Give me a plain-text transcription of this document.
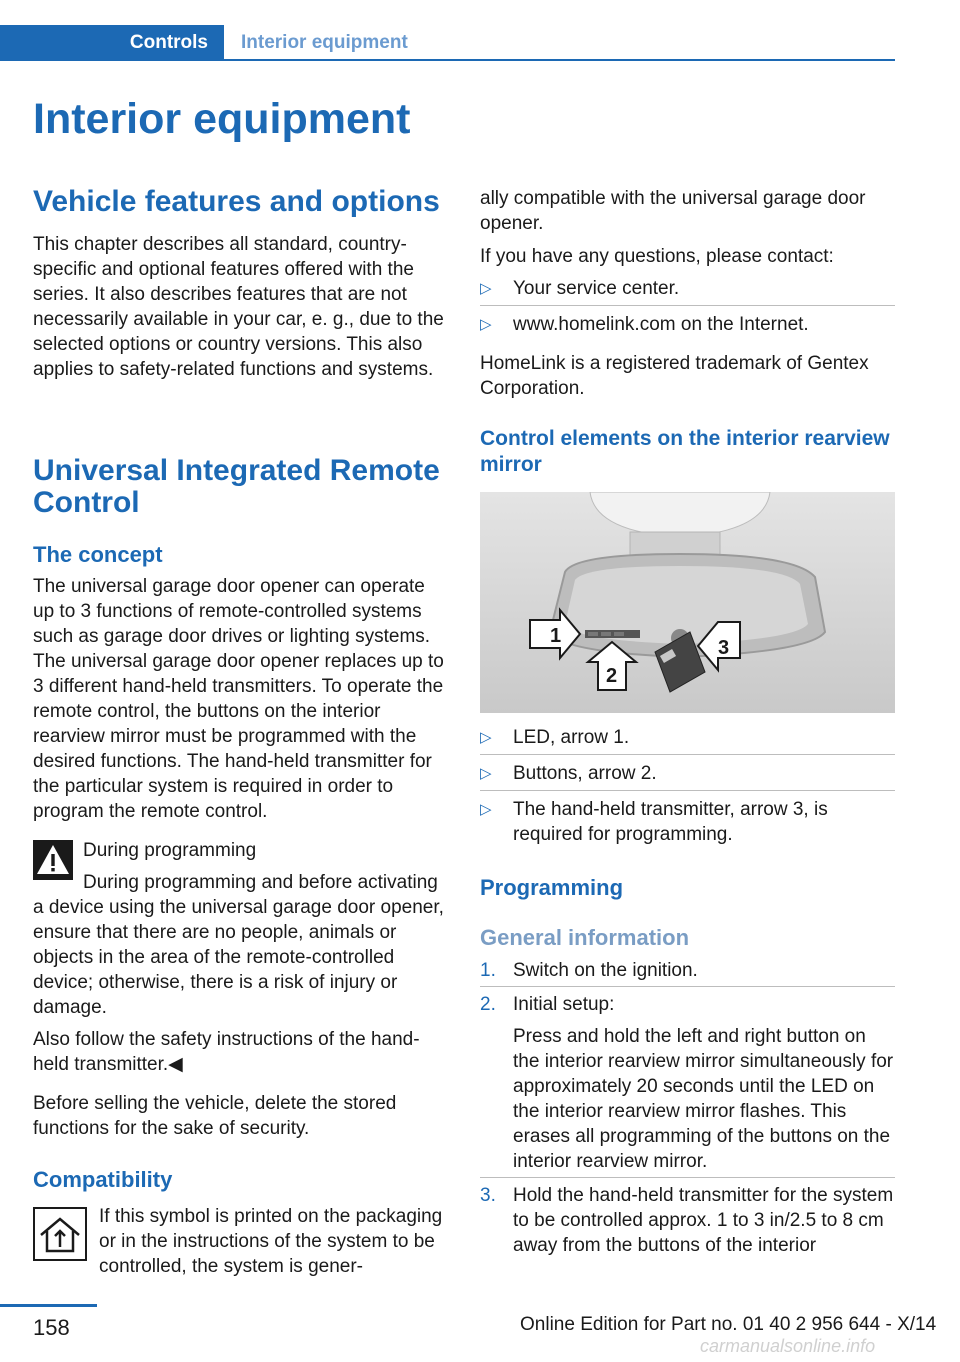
Controls	Interior equipment
Interior equipment
Vehicle features and options
This chapter describes all standard, country-specific and optional features offered with the series. It also describes features that are not necessarily available in your car, e. g., due to the selected options or country versions. This also applies to safety-related functions and systems.
Universal Integrated Remote Control
The concept
The universal garage door opener can operate up to 3 functions of remote-controlled systems such as garage door drives or lighting systems. The universal garage door opener replaces up to 3 different hand-held transmitters. To operate the remote control, the buttons on the interior rearview mirror must be programmed with the desired functions. The hand-held transmitter for the particular system is required in order to program the remote control.
During programming
During programming and before activating a device using the universal garage door opener, ensure that there are no people, animals or objects in the area of the remote-controlled device; otherwise, there is a risk of injury or damage.
Also follow the safety instructions of the hand-held transmitter.◀
Before selling the vehicle, delete the stored functions for the sake of security.
Compatibility
If this symbol is printed on the packaging or in the instructions of the system to be controlled, the system is gener-
ally compatible with the universal garage door opener.
If you have any questions, please contact:
▷ Your service center.
▷ www.homelink.com on the Internet.
HomeLink is a registered trademark of Gentex Corporation.
Control elements on the interior rearview mirror
1
2
3
▷ LED, arrow 1.
▷ Buttons, arrow 2.
▷ The hand-held transmitter, arrow 3, is required for programming.
Programming
General information
1. Switch on the ignition.
2. Initial setup:
Press and hold the left and right button on the interior rearview mirror simultaneously for approximately 20 seconds until the LED on the interior rearview mirror flashes. This erases all programming of the buttons on the interior rearview mirror.
3. Hold the hand-held transmitter for the system to be controlled approx. 1 to 3 in/2.5 to 8 cm away from the buttons of the interior
158	Online Edition for Part no. 01 40 2 956 644 - X/14
carmanualsonline.info
